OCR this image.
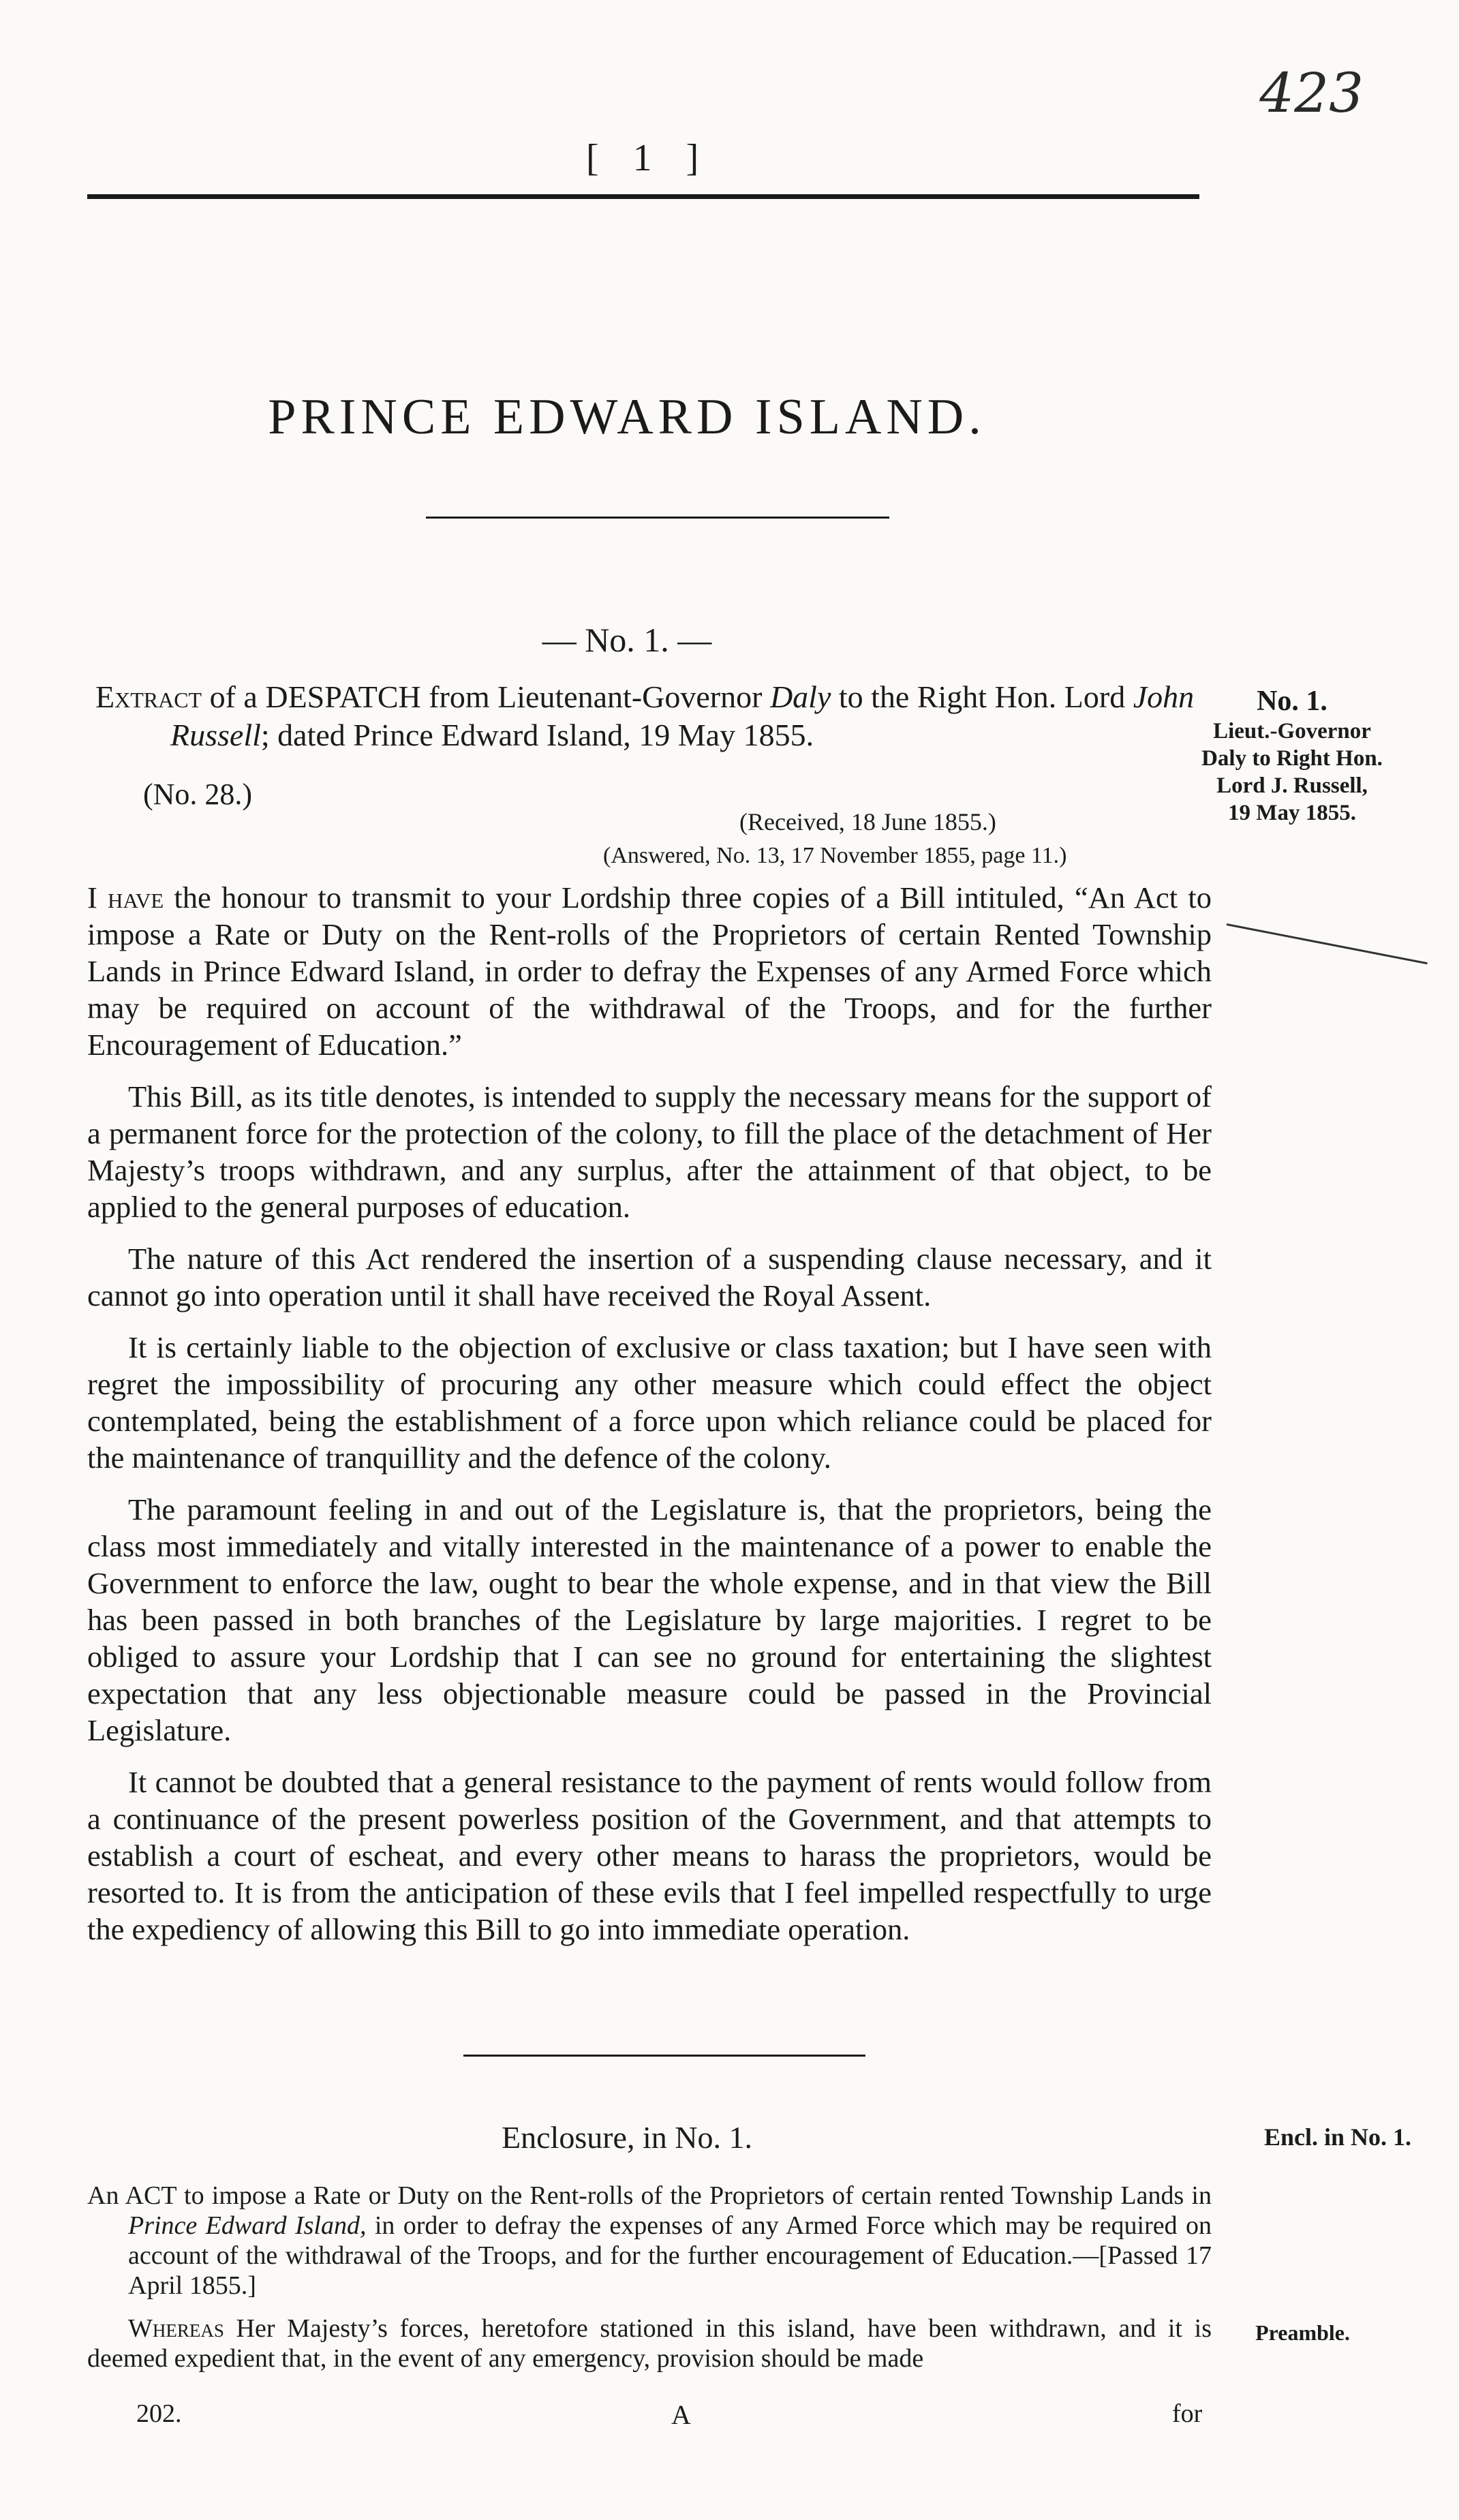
423
[ 1 ]
PRINCE EDWARD ISLAND.
— No. 1. —
Extract of a DESPATCH from Lieutenant-Governor Daly to the Right Hon. Lord John Russell; dated Prince Edward Island, 19 May 1855.
(No. 28.)
(Received, 18 June 1855.)
(Answered, No. 13, 17 November 1855, page 11.)
No. 1.
Lieut.-Governor
Daly to Right Hon.
Lord J. Russell,
19 May 1855.

I have the honour to transmit to your Lordship three copies of a Bill intituled, “An Act to impose a Rate or Duty on the Rent-rolls of the Proprietors of certain Rented Township Lands in Prince Edward Island, in order to defray the Expenses of any Armed Force which may be required on account of the withdrawal of the Troops, and for the further Encouragement of Education.”

This Bill, as its title denotes, is intended to supply the necessary means for the support of a permanent force for the protection of the colony, to fill the place of the detachment of Her Majesty’s troops withdrawn, and any surplus, after the attainment of that object, to be applied to the general purposes of education.

The nature of this Act rendered the insertion of a suspending clause necessary, and it cannot go into operation until it shall have received the Royal Assent.

It is certainly liable to the objection of exclusive or class taxation; but I have seen with regret the impossibility of procuring any other measure which could effect the object contemplated, being the establishment of a force upon which reliance could be placed for the maintenance of tranquillity and the defence of the colony.

The paramount feeling in and out of the Legislature is, that the proprietors, being the class most immediately and vitally interested in the maintenance of a power to enable the Government to enforce the law, ought to bear the whole expense, and in that view the Bill has been passed in both branches of the Legislature by large majorities. I regret to be obliged to assure your Lordship that I can see no ground for entertaining the slightest expectation that any less objectionable measure could be passed in the Provincial Legislature.

It cannot be doubted that a general resistance to the payment of rents would follow from a continuance of the present powerless position of the Government, and that attempts to establish a court of escheat, and every other means to harass the proprietors, would be resorted to. It is from the anticipation of these evils that I feel impelled respectfully to urge the expediency of allowing this Bill to go into immediate operation.

Enclosure, in No. 1.	Encl. in No. 1.
An ACT to impose a Rate or Duty on the Rent-rolls of the Proprietors of certain rented Township Lands in Prince Edward Island, in order to defray the expenses of any Armed Force which may be required on account of the withdrawal of the Troops, and for the further encouragement of Education.—[Passed 17 April 1855.]
Whereas Her Majesty’s forces, heretofore stationed in this island, have been withdrawn, and it is deemed expedient that, in the event of any emergency, provision should be made
Preamble.
202.	A	for
